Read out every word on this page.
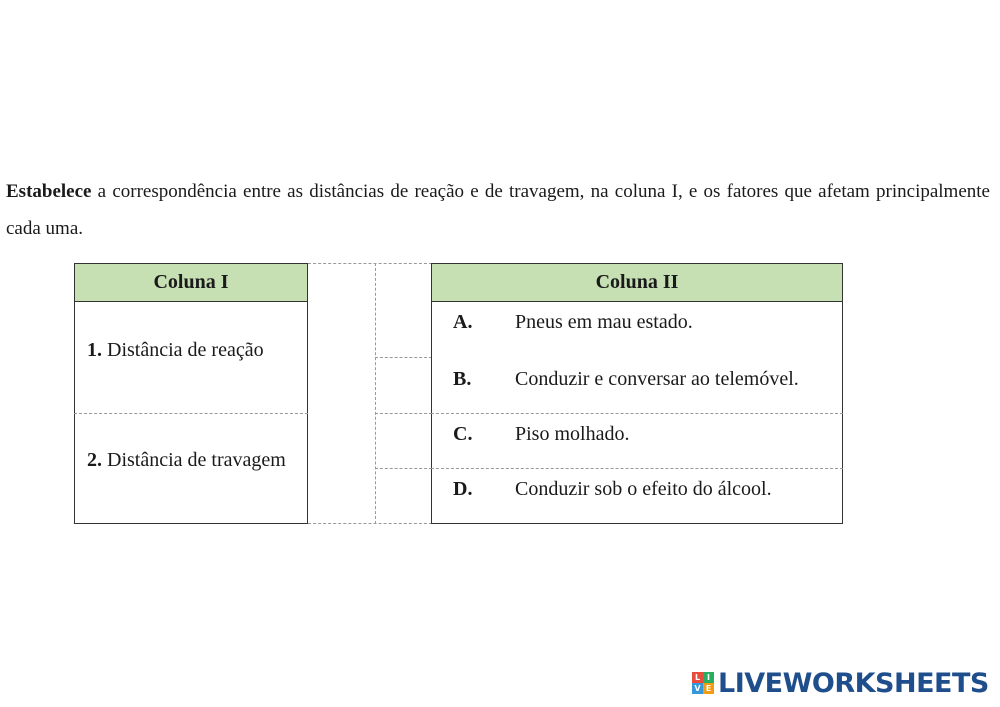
Estabelece a correspondência entre as distâncias de reação e de travagem, na coluna I, e os fatores que afetam principalmente cada uma.
Coluna I
1. Distância de reação
2. Distância de travagem
Coluna II
A. Pneus em mau estado.
B. Conduzir e conversar ao telemóvel.
C. Piso molhado.
D. Conduzir sob o efeito do álcool.
L I
V E LIVEWORKSHEETS
